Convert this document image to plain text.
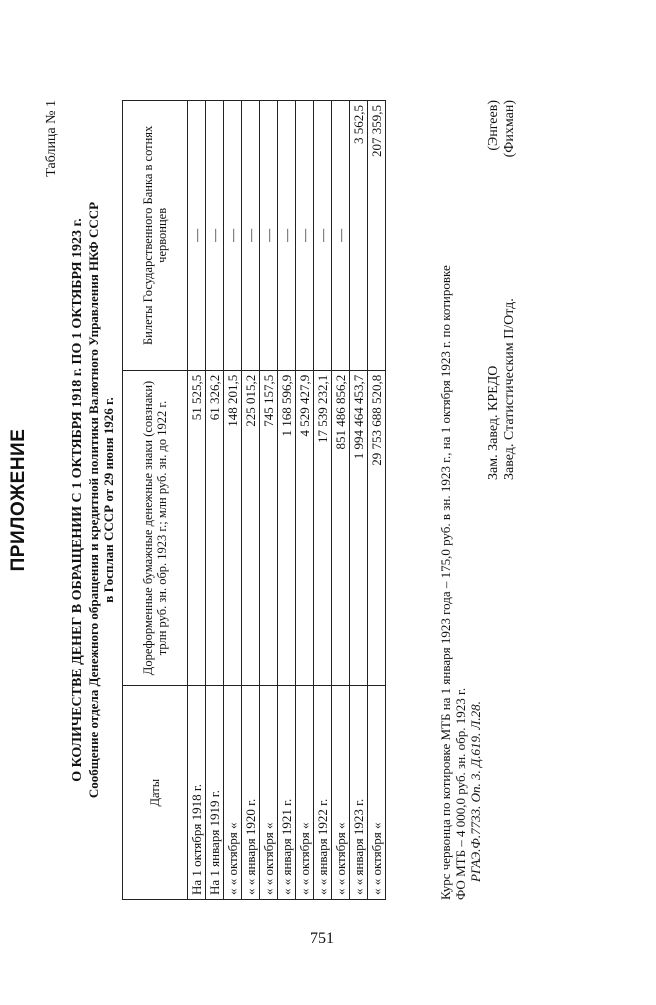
ПРИЛОЖЕНИЕ
Таблица № 1
О КОЛИЧЕСТВЕ ДЕНЕГ В ОБРАЩЕНИИ С 1 ОКТЯБРЯ 1918 г. ПО 1 ОКТЯБРЯ 1923 г. Сообщение отдела Денежного обращения и кредитной политики Валютного Управления НКФ СССР в Госплан СССР от 29 июня 1926 г.
Даты	Дореформенные бумажные денежные знаки (совзнаки) трлн руб. зн. обр. 1923 г.; млн руб. зн. до 1922 г.	Билеты Государственного Банка в сотнях червонцев
На 1 октября 1918 г.	51 525,5	—
На 1 января 1919 г.	61 326,2	—
« « октября «	148 201,5	—
« « января 1920 г.	225 015,2	—
« « октября «	745 157,5	—
« « января 1921 г.	1 168 596,9	—
« « октября «	4 529 427,9	—
« « января 1922 г.	17 539 232,1	—
« « октября «	851 486 856,2	—
« « января 1923 г.	1 994 464 453,7	3 562,5
« « октября «	29 753 688 520,8	207 359,5
Курс червонца по котировке МТБ на 1 января 1923 года – 175,0 руб. в зн. 1923 г., на 1 октября 1923 г. по котировке ФО МТБ – 4 000,0 руб. зн. обр. 1923 г. РГАЭ.Ф.7733. Оп. 3. Д.619. Л.28.
Зам. Завед. КРЕДО Завед. Статистическим П/Отд.
(Энгеев) (Фихман)
751
